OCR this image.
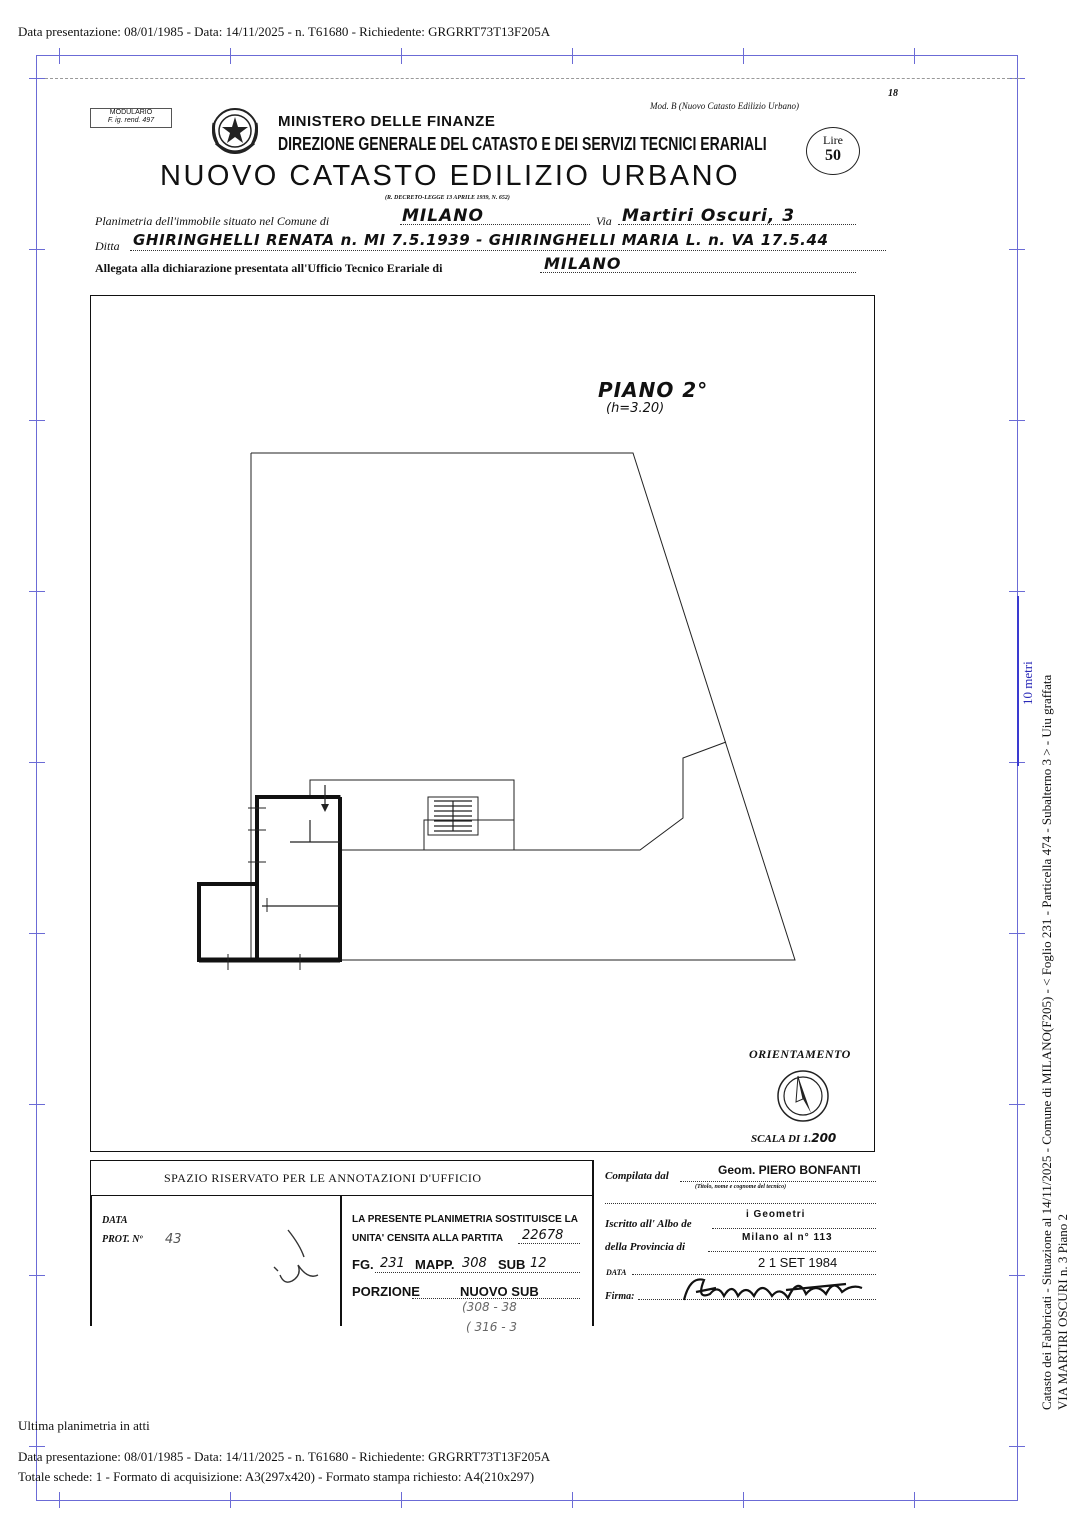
Data presentazione: 08/01/1985 - Data: 14/11/2025 - n. T61680 - Richiedente: GRGRRT73T13F205A
MODULARIO
F. ig. rend. 497
Mod. B (Nuovo Catasto Edilizio Urbano)
18
MINISTERO DELLE FINANZE
DIREZIONE GENERALE DEL CATASTO E DEI SERVIZI TECNICI ERARIALI	Lire
50
NUOVO CATASTO EDILIZIO URBANO
(R. DECRETO-LEGGE 13 APRILE 1939, N. 652)
Planimetria dell'immobile situato nel Comune di	MILANO	Via Martiri Oscuri, 3
Ditta GHIRINGHELLI RENATA n. MI 7.5.1939 - GHIRINGHELLI MARIA L. n. VA 17.5.44
Allegata alla dichiarazione presentata all'Ufficio Tecnico Erariale di	MILANO
PIANO 2°
(h=3.20)
ORIENTAMENTO
SCALA DI 1.200
SPAZIO RISERVATO PER LE ANNOTAZIONI D'UFFICIO
DATA
PROT. Nº 43
LA PRESENTE PLANIMETRIA SOSTITUISCE LA
UNITA' CENSITA ALLA PARTITA 22678
FG. 231 MAPP. 308 SUB 12
PORZIONE	NUOVO SUB
(308 - 38
( 316 - 3
Compilata dal	Geom. PIERO BONFANTI
(Titolo, nome e cognome del tecnico)
Iscritto all' Albo de
i Geometri
della Provincia di
Milano al n° 113
DATA
2 1 SET 1984
Firma:
10 metri Catasto dei Fabbricati - Situazione al 14/11/2025 - Comune di MILANO(F205) - < Foglio 231 - Particella 474 - Subalterno 3 > - Uiu graffata VIA MARTIRI OSCURI n. 3 Piano 2
Ultima planimetria in atti
Data presentazione: 08/01/1985 - Data: 14/11/2025 - n. T61680 - Richiedente: GRGRRT73T13F205A
Totale schede: 1 - Formato di acquisizione: A3(297x420) - Formato stampa richiesto: A4(210x297)
